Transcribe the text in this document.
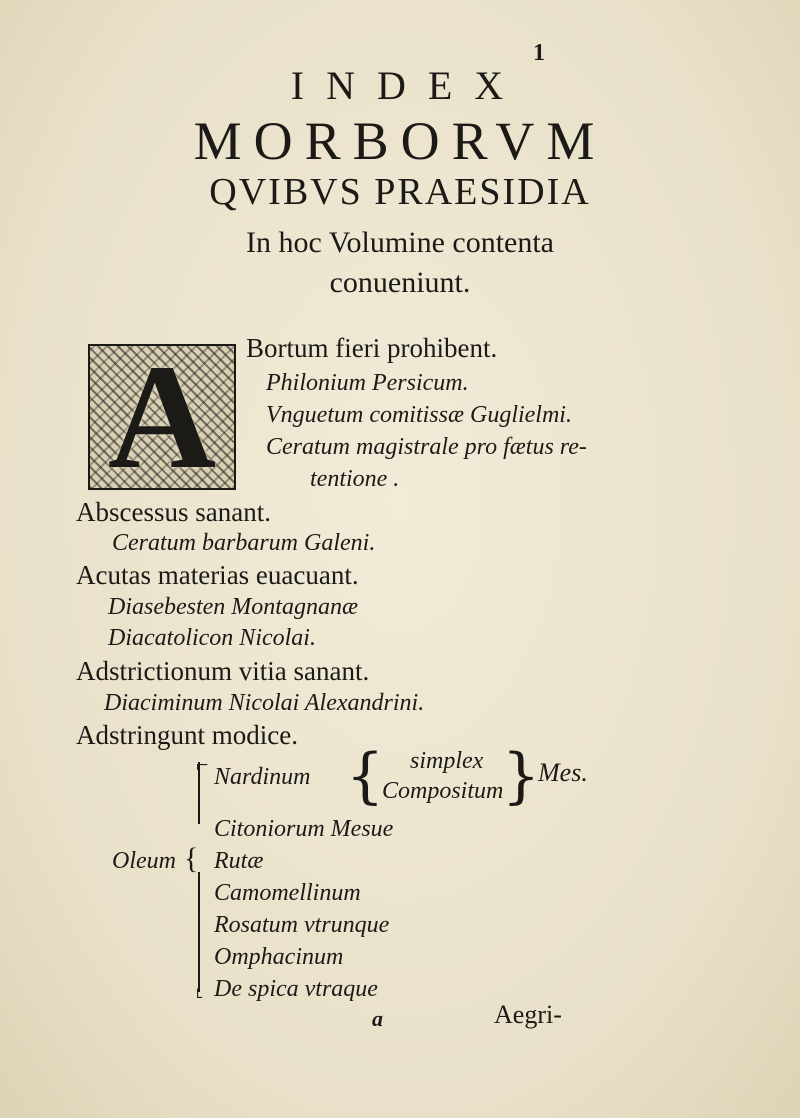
1
INDEX
MORBORVM
QVIBVS PRAESIDIA
In hoc Volumine contenta
conueniunt.
A	Bortum fieri prohibent.
Philonium Persicum.
Vnguetum comitissæ Guglielmi.
Ceratum magistrale pro fætus re-
tentione .
Abscessus sanant.
Ceratum barbarum Galeni.
Acutas materias euacuant.
Diasebesten Montagnanæ
Diacatolicon Nicolai.
Adstrictionum vitia sanant.
Diaciminum Nicolai Alexandrini.
Adstringunt modice.
⌐
˪
Oleum {
Nardinum { simplex
Compositum
}
Mes.
Citoniorum Mesue
Rutæ
Camomellinum
Rosatum vtrunque
Omphacinum
De spica vtraque
a	Aegri-
